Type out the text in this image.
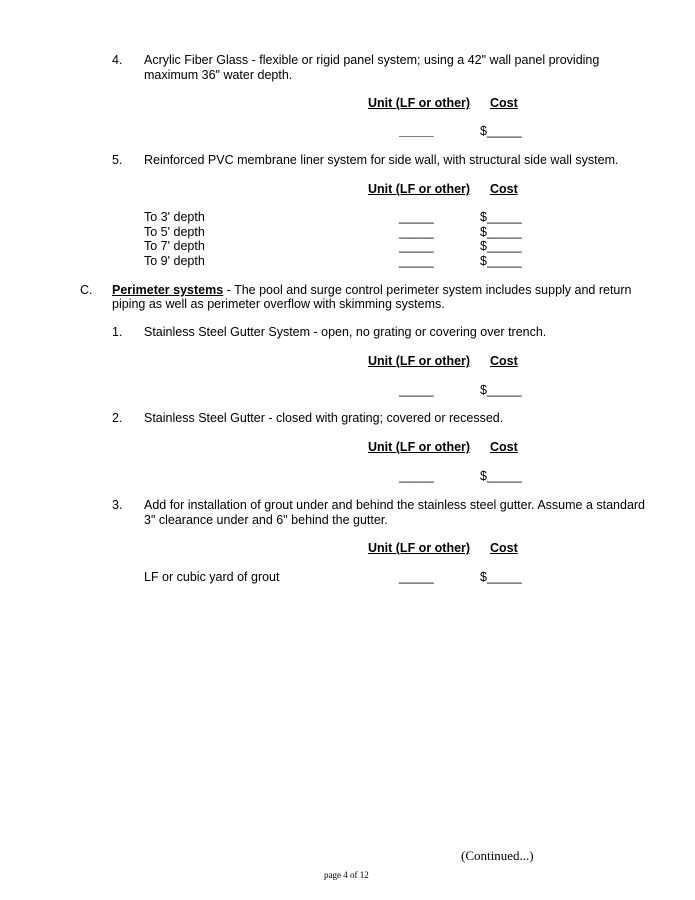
4. Acrylic Fiber Glass - flexible or rigid panel system; using a 42" wall panel providing
maximum 36" water depth.
Unit (LF or other) Cost
_____	$_____
5. Reinforced PVC membrane liner system for side wall, with structural side wall system.
Unit (LF or other) Cost
To 3' depth	_____	$_____
To 5' depth	_____	$_____
To 7' depth	_____	$_____
To 9' depth	_____	$_____
C. Perimeter systems - The pool and surge control perimeter system includes supply and return
piping as well as perimeter overflow with skimming systems.
1. Stainless Steel Gutter System - open, no grating or covering over trench.
Unit (LF or other) Cost
_____	$_____
2. Stainless Steel Gutter - closed with grating; covered or recessed.
Unit (LF or other) Cost
_____	$_____
3. Add for installation of grout under and behind the stainless steel gutter. Assume a standard
3" clearance under and 6" behind the gutter.
Unit (LF or other) Cost
LF or cubic yard of grout	_____	$_____
(Continued...)
page 4 of 12
